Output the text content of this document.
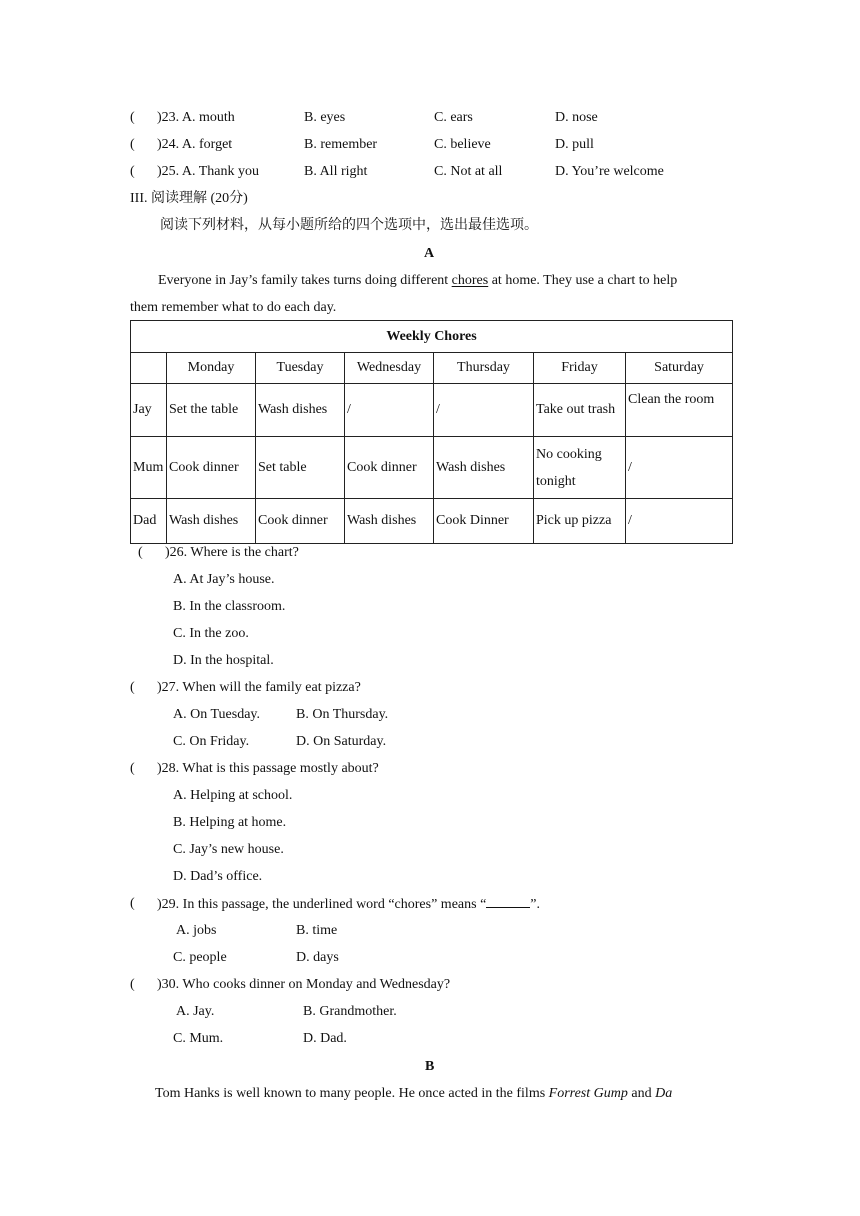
( )23. A. mouth	B. eyes	C. ears	D. nose
( )24. A. forget	B. remember	C. believe	D. pull
( )25. A. Thank you	B. All right	C. Not at all	D. You’re welcome
III. 阅读理解 (20分)
阅读下列材料，从每小题所给的四个选项中，选出最佳选项。
A
Everyone in Jay’s family takes turns doing different chores at home. They use a chart to help
them remember what to do each day.
Weekly Chores						
	Monday	Tuesday	Wednesday	Thursday	Friday	Saturday
Jay	Set the table	Wash dishes	/	/	Take out trash	Clean the room
Mum	Cook dinner	Set table	Cook dinner	Wash dishes	No cooking tonight	/
Dad	Wash dishes	Cook dinner	Wash dishes	Cook Dinner	Pick up pizza	/
( )26. Where is the chart?
A. At Jay’s house.
B. In the classroom.
C. In the zoo.
D. In the hospital.
( )27. When will the family eat pizza?
A. On Tuesday.	B. On Thursday.
C. On Friday.	D. On Saturday.
( )28. What is this passage mostly about?
A. Helping at school.
B. Helping at home.
C. Jay’s new house.
D. Dad’s office.
( )29. In this passage, the underlined word “chores” means “	”.
A. jobs	B. time
C. people	D. days
( )30. Who cooks dinner on Monday and Wednesday?
A. Jay.	B. Grandmother.
C. Mum.	D. Dad.
B
Tom Hanks is well known to many people. He once acted in the films Forrest Gump and Da
